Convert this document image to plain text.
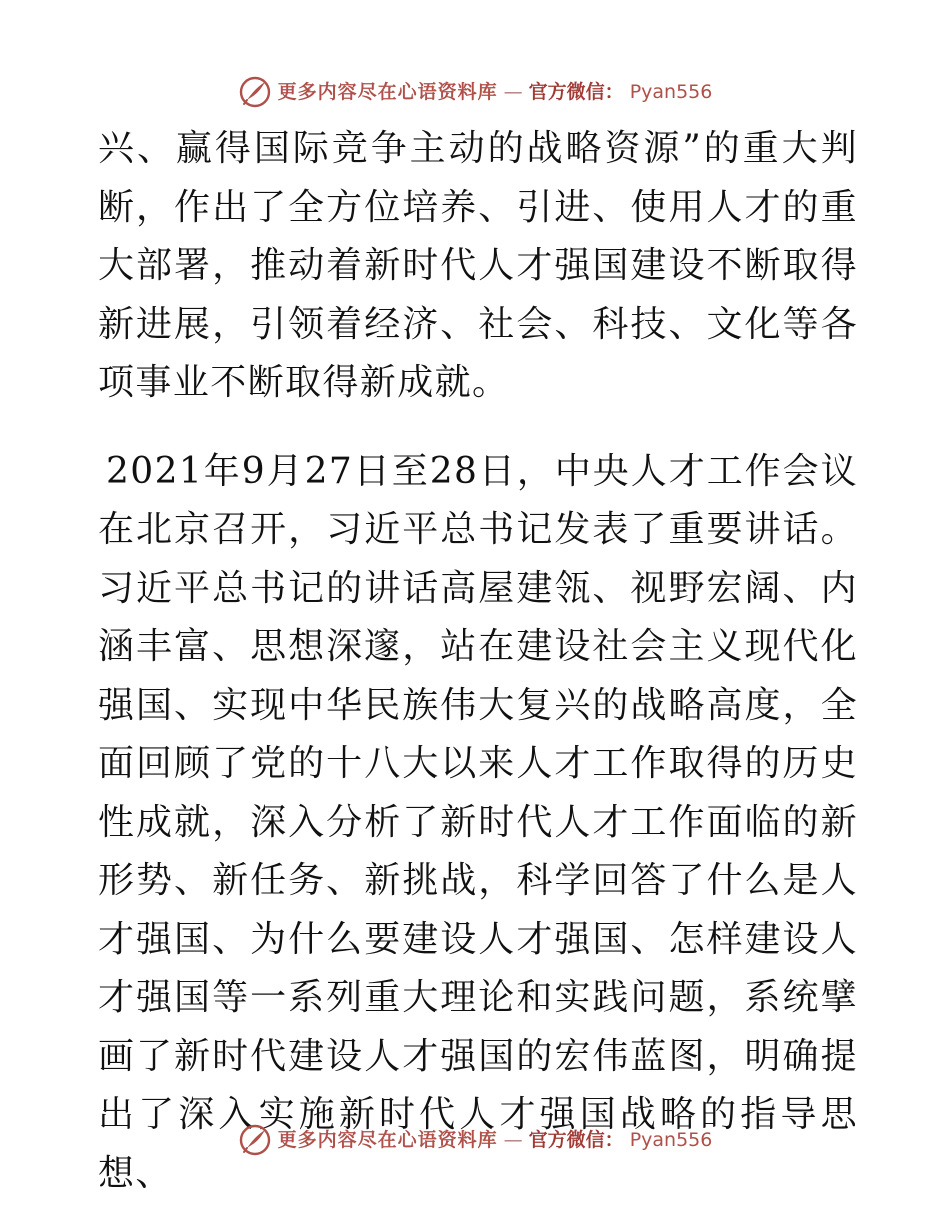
更多内容尽在心语资料库 — 官方微信： Pyan556

兴、赢得国际竞争主动的战略资源”的重大判断，作出了全方位培养、引进、使用人才的重大部署，推动着新时代人才强国建设不断取得新进展，引领着经济、社会、科技、文化等各项事业不断取得新成就。

2021年9月27日至28日，中央人才工作会议在北京召开，习近平总书记发表了重要讲话。习近平总书记的讲话高屋建瓴、视野宏阔、内涵丰富、思想深邃，站在建设社会主义现代化强国、实现中华民族伟大复兴的战略高度，全面回顾了党的十八大以来人才工作取得的历史性成就，深入分析了新时代人才工作面临的新形势、新任务、新挑战，科学回答了什么是人才强国、为什么要建设人才强国、怎样建设人才强国等一系列重大理论和实践问题，系统擘画了新时代建设人才强国的宏伟蓝图，明确提出了深入实施新时代人才强国战略的指导思想、

更多内容尽在心语资料库 — 官方微信： Pyan556
